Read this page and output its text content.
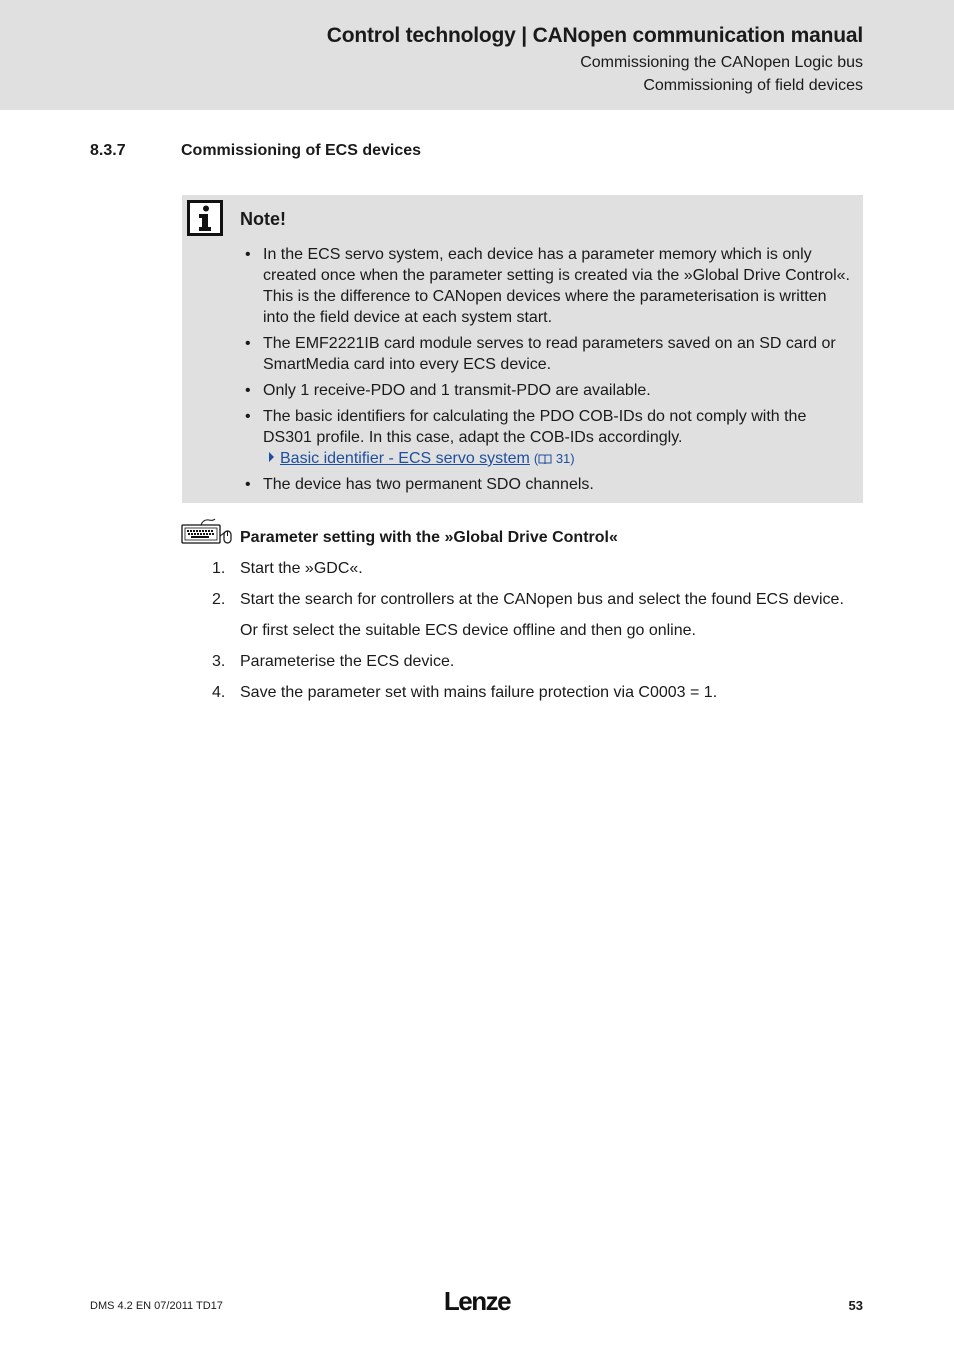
Control technology | CANopen communication manual
Commissioning the CANopen Logic bus
Commissioning of field devices
8.3.7	Commissioning of ECS devices
Note!
• In the ECS servo system, each device has a parameter memory which is only created once when the parameter setting is created via the »Global Drive Control«. This is the difference to CANopen devices where the parameterisation is written into the field device at each system start.
• The EMF2221IB card module serves to read parameters saved on an SD card or SmartMedia card into every ECS device.
• Only 1 receive-PDO and 1 transmit-PDO are available.
• The basic identifiers for calculating the PDO COB-IDs do not comply with the DS301 profile. In this case, adapt the COB-IDs accordingly.
Basic identifier - ECS servo system ( 31)
• The device has two permanent SDO channels.
Parameter setting with the »Global Drive Control«
1. Start the »GDC«.
2. Start the search for controllers at the CANopen bus and select the found ECS device.
Or first select the suitable ECS device offline and then go online.
3. Parameterise the ECS device.
4. Save the parameter set with mains failure protection via C0003 = 1.
DMS 4.2 EN 07/2011 TD17	Lenze	53
